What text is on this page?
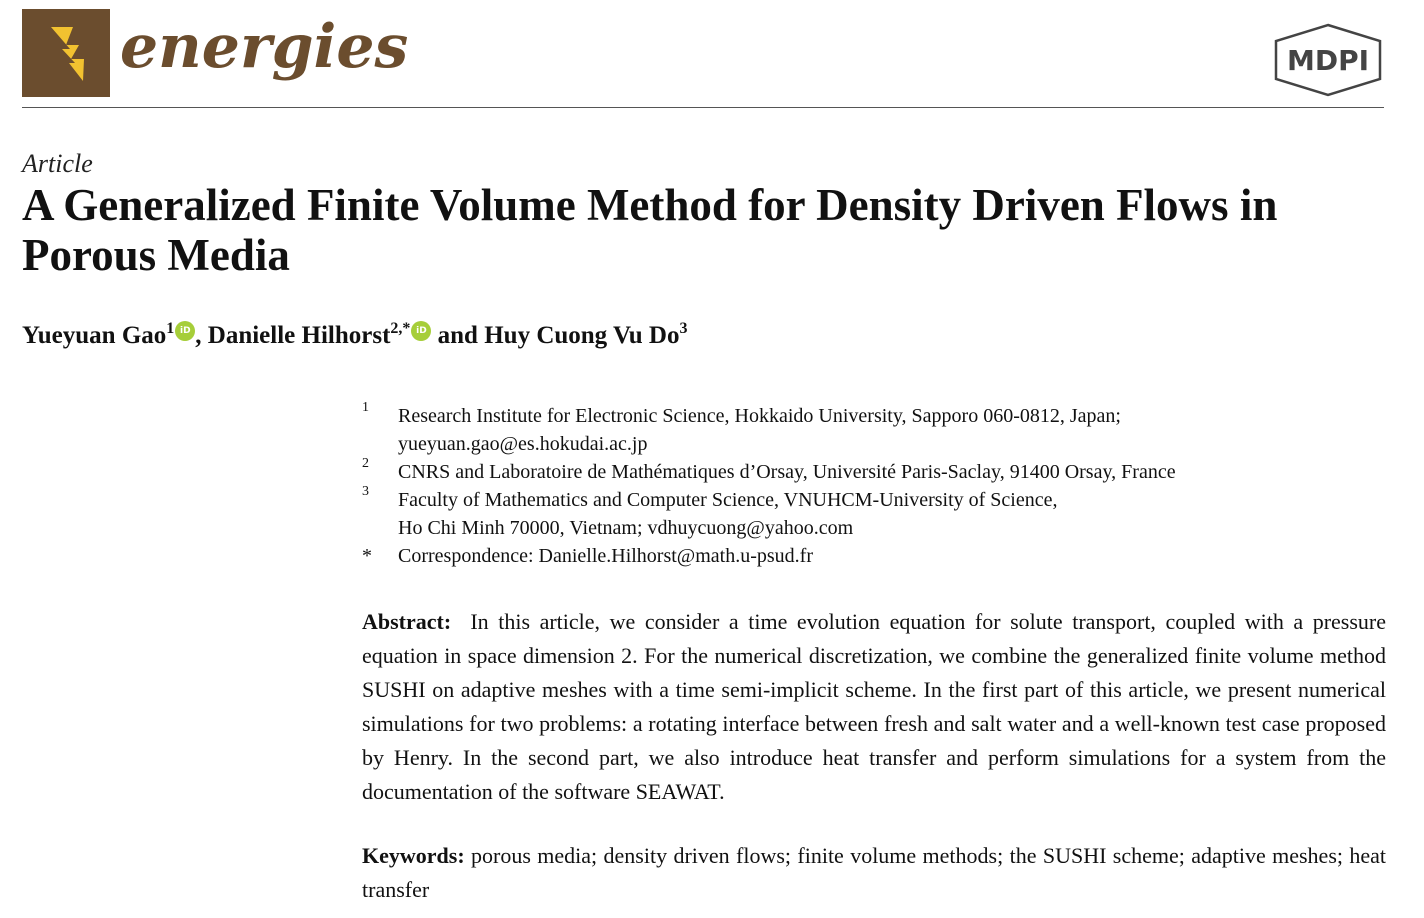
energies	MDPI
Article
A Generalized Finite Volume Method for Density Driven Flows in Porous Media
Yueyuan Gao$^1$ iD , Danielle Hilhorst$^{2,*}$ iD and Huy Cuong Vu Do$^3$
1 Research Institute for Electronic Science, Hokkaido University, Sapporo 060-0812, Japan;
yueyuan.gao@es.hokudai.ac.jp
2 CNRS and Laboratoire de Mathématiques d’Orsay, Université Paris-Saclay, 91400 Orsay, France
3 Faculty of Mathematics and Computer Science, VNUHCM-University of Science,
Ho Chi Minh 70000, Vietnam; vdhuycuong@yahoo.com
* Correspondence: Danielle.Hilhorst@math.u-psud.fr

Abstract: In this article, we consider a time evolution equation for solute transport, coupled with a pressure equation in space dimension 2. For the numerical discretization, we combine the generalized finite volume method SUSHI on adaptive meshes with a time semi-implicit scheme. In the first part of this article, we present numerical simulations for two problems: a rotating interface between fresh and salt water and a well-known test case proposed by Henry. In the second part, we also introduce heat transfer and perform simulations for a system from the documentation of the software SEAWAT.

Keywords: porous media; density driven flows; finite volume methods; the SUSHI scheme; adaptive meshes; heat transfer
